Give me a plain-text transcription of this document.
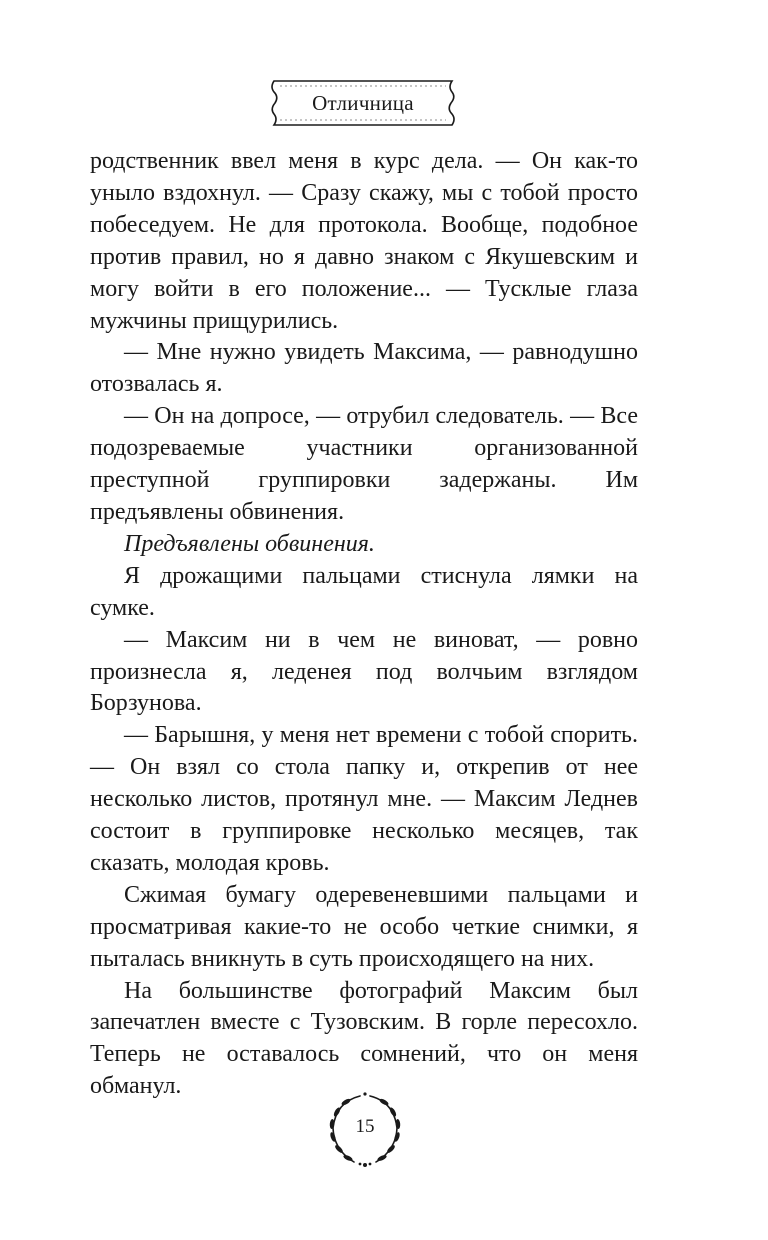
Отличница

родственник ввел меня в курс дела. — Он как-то уныло вздохнул. — Сразу скажу, мы с тобой просто побеседуем. Не для протокола. Вообще, подобное против правил, но я давно знаком с Якушевским и могу войти в его положение... — Тусклые глаза мужчины прищурились.

— Мне нужно увидеть Максима, — равнодушно отозвалась я.

— Он на допросе, — отрубил следователь. — Все подозреваемые участники организованной преступной группировки задержаны. Им предъявлены обвинения.

Предъявлены обвинения.

Я дрожащими пальцами стиснула лямки на сумке.

— Максим ни в чем не виноват, — ровно произнесла я, леденея под волчьим взглядом Борзунова.

— Барышня, у меня нет времени с тобой спорить. — Он взял со стола папку и, открепив от нее несколько листов, протянул мне. — Максим Леднев состоит в группировке несколько месяцев, так сказать, молодая кровь.

Сжимая бумагу одеревеневшими пальцами и просматривая какие-то не особо четкие снимки, я пыталась вникнуть в суть происходящего на них.

На большинстве фотографий Максим был запечатлен вместе с Тузовским. В горле пересохло. Теперь не оставалось сомнений, что он меня обманул.

15
